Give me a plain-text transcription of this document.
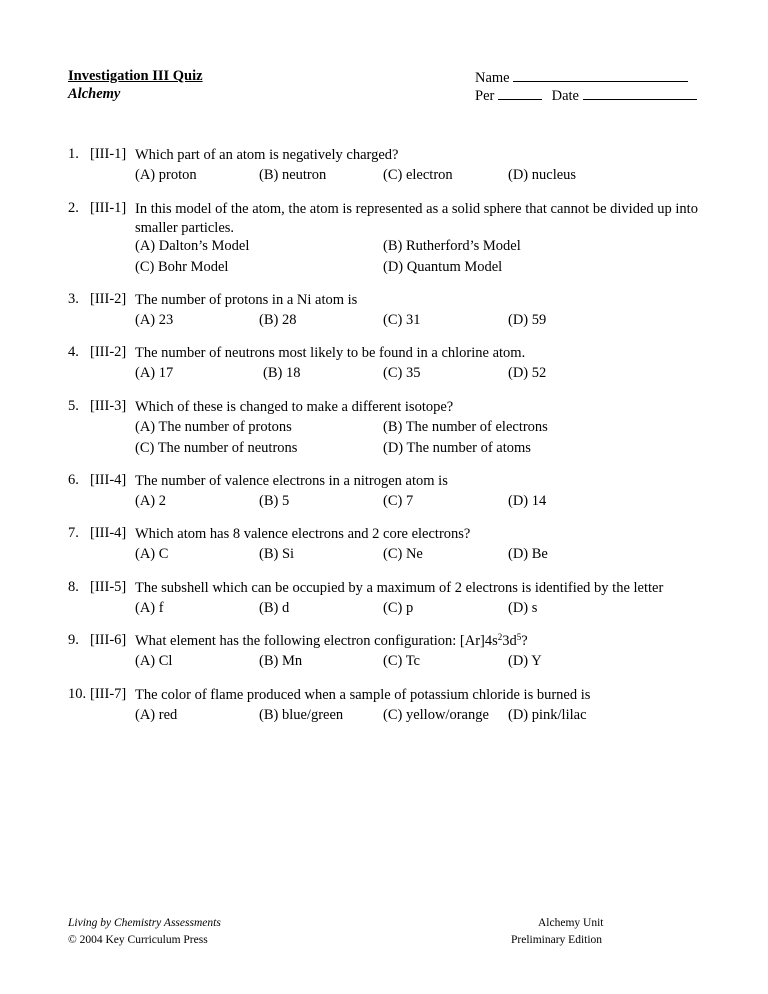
Investigation III Quiz
Alchemy
Name
Per	Date
1. [III-1] Which part of an atom is negatively charged?
(A) proton	(B) neutron	(C) electron	(D) nucleus
2. [III-1] In this model of the atom, the atom is represented as a solid sphere that cannot be divided up into smaller particles.
(A) Dalton’s Model	(B) Rutherford’s Model
(C) Bohr Model	(D) Quantum Model
3. [III-2] The number of protons in a Ni atom is
(A) 23	(B) 28	(C) 31	(D) 59
4. [III-2] The number of neutrons most likely to be found in a chlorine atom.
(A) 17	(B) 18	(C) 35	(D) 52
5. [III-3] Which of these is changed to make a different isotope?
(A) The number of protons	(B) The number of electrons
(C) The number of neutrons	(D) The number of atoms
6. [III-4] The number of valence electrons in a nitrogen atom is
(A) 2	(B) 5	(C) 7	(D) 14
7. [III-4] Which atom has 8 valence electrons and 2 core electrons?
(A) C	(B) Si	(C) Ne	(D) Be
8. [III-5] The subshell which can be occupied by a maximum of 2 electrons is identified by the letter
(A) f	(B) d	(C) p	(D) s
9. [III-6] What element has the following electron configuration: $[Ar]4s^23d^5$?
(A) Cl	(B) Mn	(C) Tc	(D) Y
10. [III-7] The color of flame produced when a sample of potassium chloride is burned is
(A) red	(B) blue/green	(C) yellow/orange (D) pink/lilac
Living by Chemistry Assessments
© 2004 Key Curriculum Press
Alchemy Unit
Preliminary Edition
